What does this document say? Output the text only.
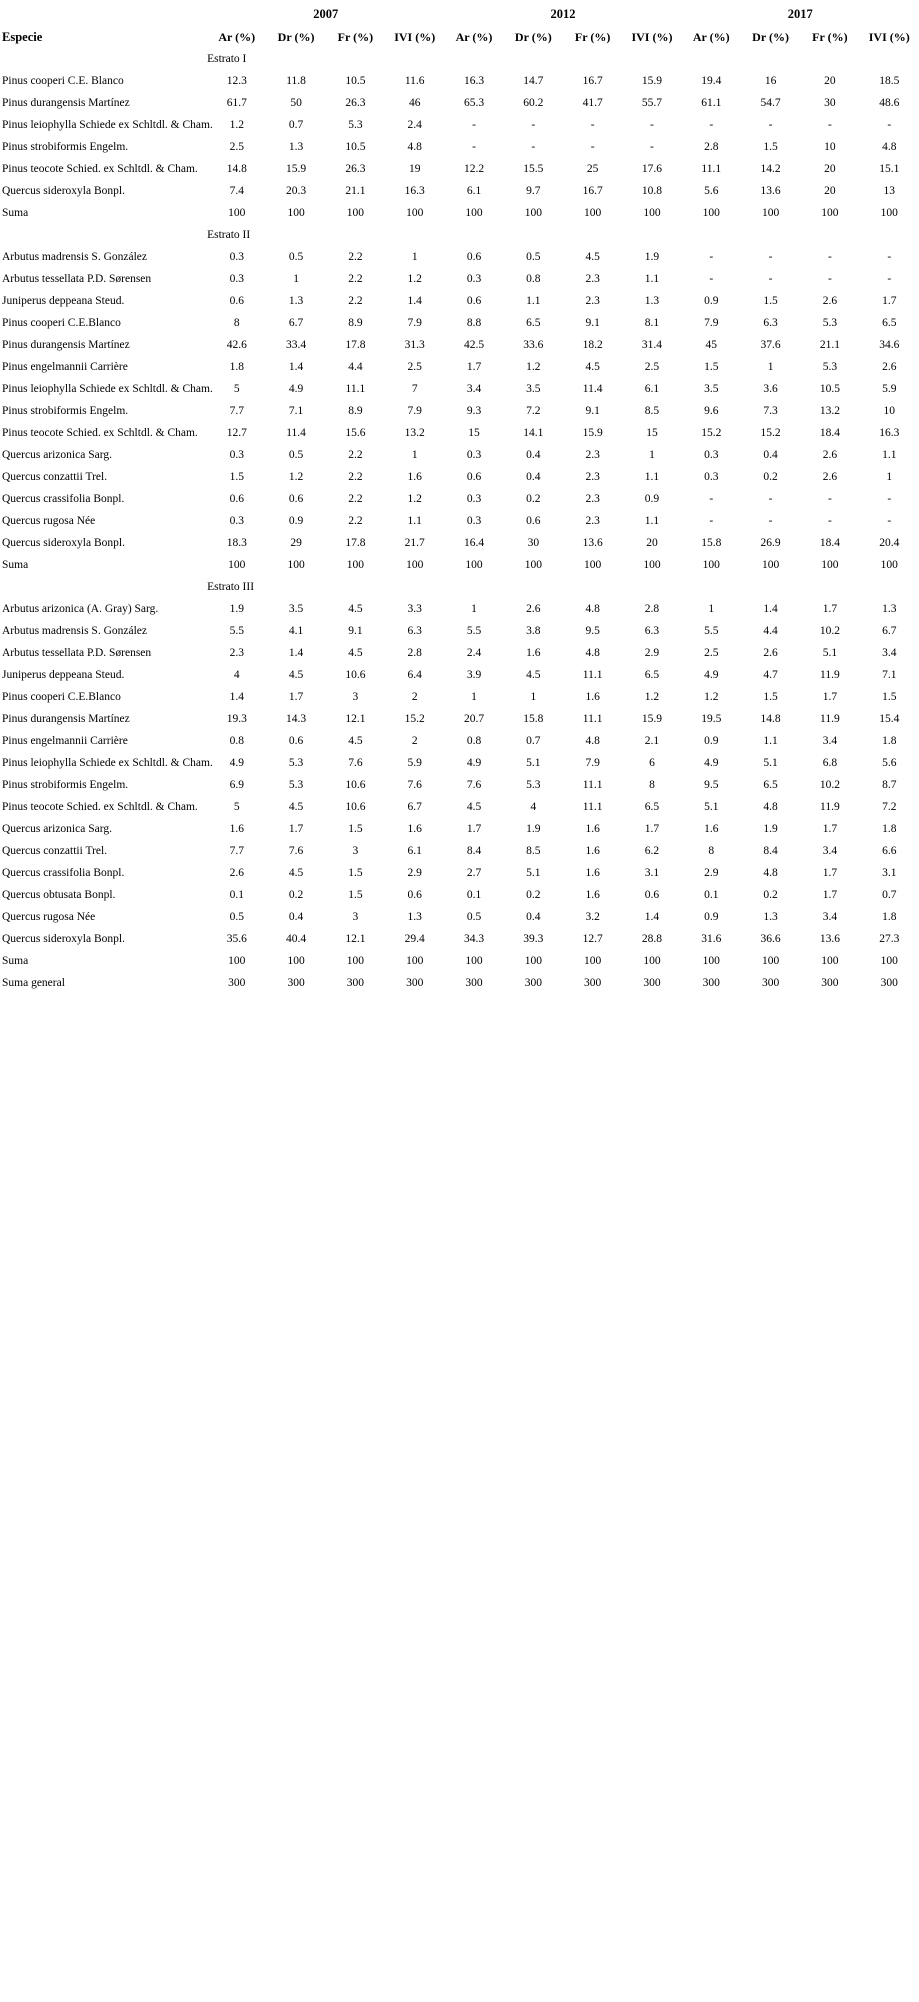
Especie	2007				2012				2017			
	Ar (%)	Dr (%)	Fr (%)	IVI (%)	Ar (%)	Dr (%)	Fr (%)	IVI (%)	Ar (%)	Dr (%)	Fr (%)	IVI (%)
	Estrato I											
Pinus cooperi C.E. Blanco	12.3	11.8	10.5	11.6	16.3	14.7	16.7	15.9	19.4	16	20	18.5
Pinus durangensis Martínez	61.7	50	26.3	46	65.3	60.2	41.7	55.7	61.1	54.7	30	48.6
Pinus leiophylla Schiede ex Schltdl. & Cham.	1.2	0.7	5.3	2.4	-	-	-	-	-	-	-	-
Pinus strobiformis Engelm.	2.5	1.3	10.5	4.8	-	-	-	-	2.8	1.5	10	4.8
Pinus teocote Schied. ex Schltdl. & Cham.	14.8	15.9	26.3	19	12.2	15.5	25	17.6	11.1	14.2	20	15.1
Quercus sideroxyla Bonpl.	7.4	20.3	21.1	16.3	6.1	9.7	16.7	10.8	5.6	13.6	20	13
Suma	100	100	100	100	100	100	100	100	100	100	100	100
	Estrato II											
Arbutus madrensis S. González	0.3	0.5	2.2	1	0.6	0.5	4.5	1.9	-	-	-	-
Arbutus tessellata P.D. Sørensen	0.3	1	2.2	1.2	0.3	0.8	2.3	1.1	-	-	-	-
Juniperus deppeana Steud.	0.6	1.3	2.2	1.4	0.6	1.1	2.3	1.3	0.9	1.5	2.6	1.7
Pinus cooperi C.E.Blanco	8	6.7	8.9	7.9	8.8	6.5	9.1	8.1	7.9	6.3	5.3	6.5
Pinus durangensis Martínez	42.6	33.4	17.8	31.3	42.5	33.6	18.2	31.4	45	37.6	21.1	34.6
Pinus engelmannii Carrière	1.8	1.4	4.4	2.5	1.7	1.2	4.5	2.5	1.5	1	5.3	2.6
Pinus leiophylla Schiede ex Schltdl. & Cham.	5	4.9	11.1	7	3.4	3.5	11.4	6.1	3.5	3.6	10.5	5.9
Pinus strobiformis Engelm.	7.7	7.1	8.9	7.9	9.3	7.2	9.1	8.5	9.6	7.3	13.2	10
Pinus teocote Schied. ex Schltdl. & Cham.	12.7	11.4	15.6	13.2	15	14.1	15.9	15	15.2	15.2	18.4	16.3
Quercus arizonica Sarg.	0.3	0.5	2.2	1	0.3	0.4	2.3	1	0.3	0.4	2.6	1.1
Quercus conzattii Trel.	1.5	1.2	2.2	1.6	0.6	0.4	2.3	1.1	0.3	0.2	2.6	1
Quercus crassifolia Bonpl.	0.6	0.6	2.2	1.2	0.3	0.2	2.3	0.9	-	-	-	-
Quercus rugosa Née	0.3	0.9	2.2	1.1	0.3	0.6	2.3	1.1	-	-	-	-
Quercus sideroxyla Bonpl.	18.3	29	17.8	21.7	16.4	30	13.6	20	15.8	26.9	18.4	20.4
Suma	100	100	100	100	100	100	100	100	100	100	100	100
	Estrato III											
Arbutus arizonica (A. Gray) Sarg.	1.9	3.5	4.5	3.3	1	2.6	4.8	2.8	1	1.4	1.7	1.3
Arbutus madrensis S. González	5.5	4.1	9.1	6.3	5.5	3.8	9.5	6.3	5.5	4.4	10.2	6.7
Arbutus tessellata P.D. Sørensen	2.3	1.4	4.5	2.8	2.4	1.6	4.8	2.9	2.5	2.6	5.1	3.4
Juniperus deppeana Steud.	4	4.5	10.6	6.4	3.9	4.5	11.1	6.5	4.9	4.7	11.9	7.1
Pinus cooperi C.E.Blanco	1.4	1.7	3	2	1	1	1.6	1.2	1.2	1.5	1.7	1.5
Pinus durangensis Martínez	19.3	14.3	12.1	15.2	20.7	15.8	11.1	15.9	19.5	14.8	11.9	15.4
Pinus engelmannii Carrière	0.8	0.6	4.5	2	0.8	0.7	4.8	2.1	0.9	1.1	3.4	1.8
Pinus leiophylla Schiede ex Schltdl. & Cham.	4.9	5.3	7.6	5.9	4.9	5.1	7.9	6	4.9	5.1	6.8	5.6
Pinus strobiformis Engelm.	6.9	5.3	10.6	7.6	7.6	5.3	11.1	8	9.5	6.5	10.2	8.7
Pinus teocote Schied. ex Schltdl. & Cham.	5	4.5	10.6	6.7	4.5	4	11.1	6.5	5.1	4.8	11.9	7.2
Quercus arizonica Sarg.	1.6	1.7	1.5	1.6	1.7	1.9	1.6	1.7	1.6	1.9	1.7	1.8
Quercus conzattii Trel.	7.7	7.6	3	6.1	8.4	8.5	1.6	6.2	8	8.4	3.4	6.6
Quercus crassifolia Bonpl.	2.6	4.5	1.5	2.9	2.7	5.1	1.6	3.1	2.9	4.8	1.7	3.1
Quercus obtusata Bonpl.	0.1	0.2	1.5	0.6	0.1	0.2	1.6	0.6	0.1	0.2	1.7	0.7
Quercus rugosa Née	0.5	0.4	3	1.3	0.5	0.4	3.2	1.4	0.9	1.3	3.4	1.8
Quercus sideroxyla Bonpl.	35.6	40.4	12.1	29.4	34.3	39.3	12.7	28.8	31.6	36.6	13.6	27.3
Suma	100	100	100	100	100	100	100	100	100	100	100	100
Suma general	300	300	300	300	300	300	300	300	300	300	300	300
